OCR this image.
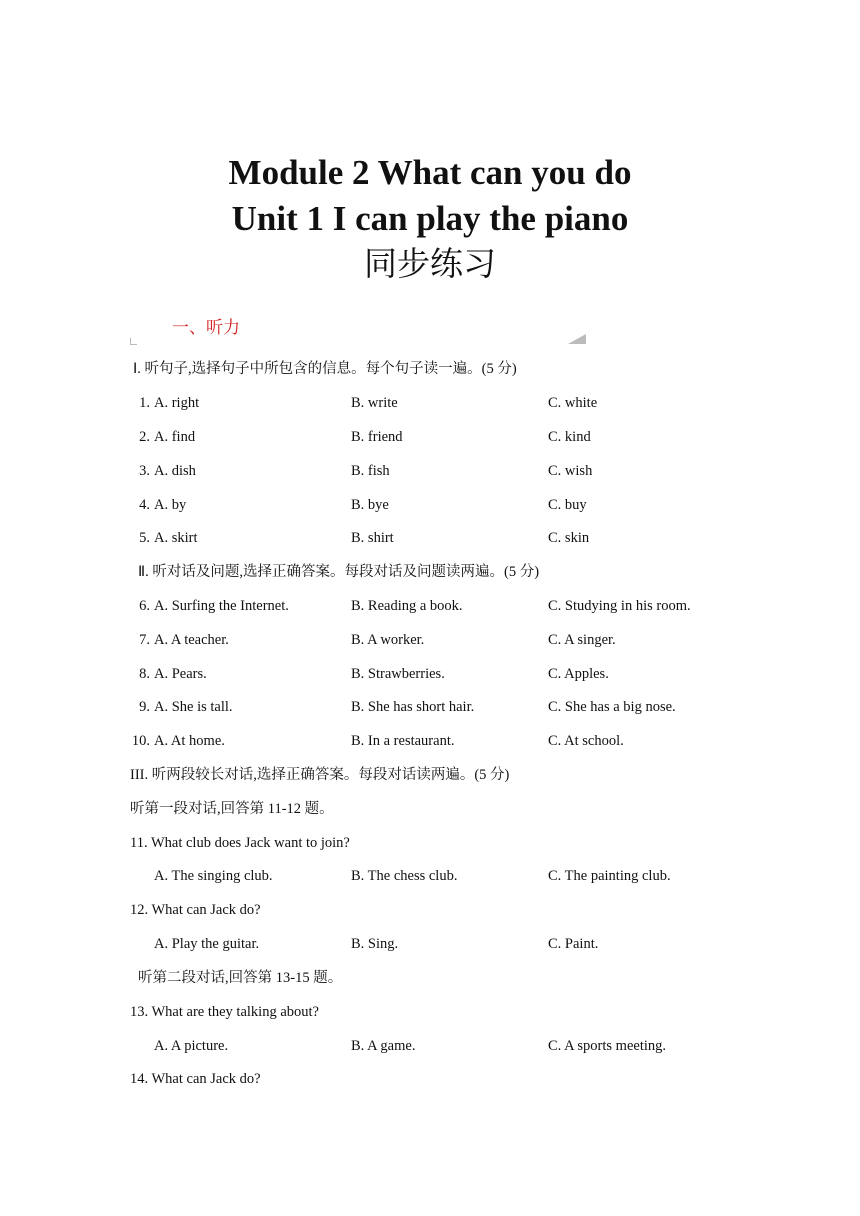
Module 2 What can you do
Unit 1 I can play the piano
同步练习
一、听力
Ⅰ. 听句子,选择句子中所包含的信息。每个句子读一遍。(5 分)
1. A. right	B. write	C. white
2. A. find	B. friend	C. kind
3. A. dish	B. fish	C. wish
4. A. by	B. bye	C. buy
5. A. skirt	B. shirt	C. skin
Ⅱ. 听对话及问题,选择正确答案。每段对话及问题读两遍。(5 分)
6. A. Surfing the Internet.	B. Reading a book.	C. Studying in his room.
7. A. A teacher.	B. A worker.	C. A singer.
8. A. Pears.	B. Strawberries.	C. Apples.
9. A. She is tall.	B. She has short hair.	C. She has a big nose.
10. A. At home.	B. In a restaurant.	C. At school.
III. 听两段较长对话,选择正确答案。每段对话读两遍。(5 分)
听第一段对话,回答第 11-12 题。
11. What club does Jack want to join?
A. The singing club.	B. The chess club.	C. The painting club.
12. What can Jack do?
A. Play the guitar.	B. Sing.	C. Paint.
听第二段对话,回答第 13-15 题。
13. What are they talking about?
A. A picture.	B. A game.	C. A sports meeting.
14. What can Jack do?
